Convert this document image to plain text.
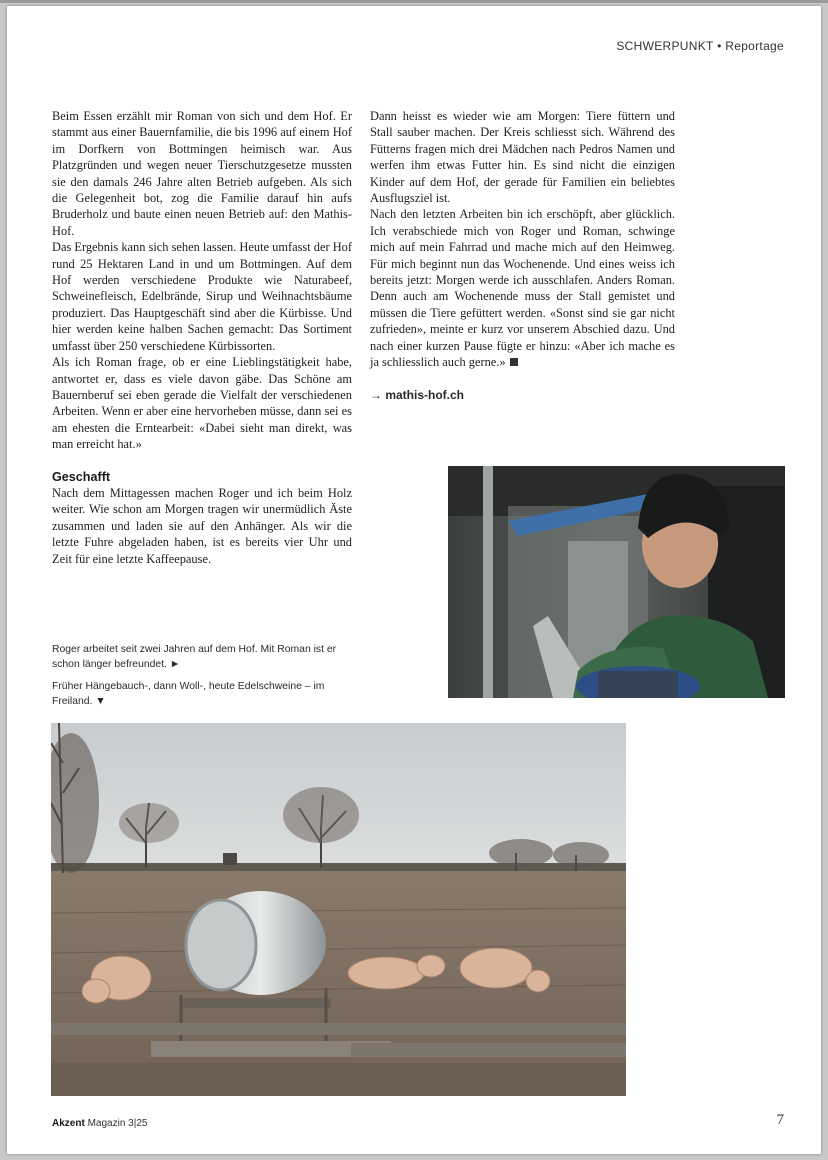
SCHWERPUNKT • Reportage

Beim Essen erzählt mir Roman von sich und dem Hof. Er stammt aus einer Bauernfamilie, die bis 1996 auf einem Hof im Dorfkern von Bottmingen heimisch war. Aus Platzgründen und wegen neuer Tierschutzgesetze mussten sie den damals 246 Jahre alten Betrieb aufgeben. Als sich die Gelegenheit bot, zog die Familie darauf hin aufs Bruderholz und baute einen neuen Betrieb auf: den Mathis-Hof.

Das Ergebnis kann sich sehen lassen. Heute umfasst der Hof rund 25 Hektaren Land in und um Bottmingen. Auf dem Hof werden verschiedene Produkte wie Naturabeef, Schweinefleisch, Edelbrände, Sirup und Weihnachtsbäume produziert. Das Hauptgeschäft sind aber die Kürbisse. Und hier werden keine halben Sachen gemacht: Das Sortiment umfasst über 250 verschiedene Kürbissorten.

Als ich Roman frage, ob er eine Lieblingstätigkeit habe, antwortet er, dass es viele davon gäbe. Das Schöne am Bauernberuf sei eben gerade die Vielfalt der verschiedenen Arbeiten. Wenn er aber eine hervorheben müsse, dann sei es am ehesten die Erntearbeit: «Dabei sieht man direkt, was man erreicht hat.»

Geschafft

Nach dem Mittagessen machen Roger und ich beim Holz weiter. Wie schon am Morgen tragen wir unermüdlich Äste zusammen und laden sie auf den Anhänger. Als wir die letzte Fuhre abgeladen haben, ist es bereits vier Uhr und Zeit für eine letzte Kaffeepause.

Dann heisst es wieder wie am Morgen: Tiere füttern und Stall sauber machen. Der Kreis schliesst sich. Während des Fütterns fragen mich drei Mädchen nach Pedros Namen und werfen ihm etwas Futter hin. Es sind nicht die einzigen Kinder auf dem Hof, der gerade für Familien ein beliebtes Ausflugsziel ist.

Nach den letzten Arbeiten bin ich erschöpft, aber glücklich. Ich verabschiede mich von Roger und Roman, schwinge mich auf mein Fahrrad und mache mich auf den Heimweg. Für mich beginnt nun das Wochenende. Und eines weiss ich bereits jetzt: Morgen werde ich ausschlafen. Anders Roman. Denn auch am Wochenende muss der Stall gemistet und müssen die Tiere gefüttert werden. «Sonst sind sie gar nicht zufrieden», meinte er kurz vor unserem Abschied dazu. Und nach einer kurzen Pause fügte er hinzu: «Aber ich mache es ja schliesslich auch gerne.»

→ mathis-hof.ch

Roger arbeitet seit zwei Jahren auf dem Hof. Mit Roman ist er schon länger befreundet. ►
Früher Hängebauch-, dann Woll-, heute Edelschweine – im Freiland. ▼
Akzent Magazin 3|25	7
